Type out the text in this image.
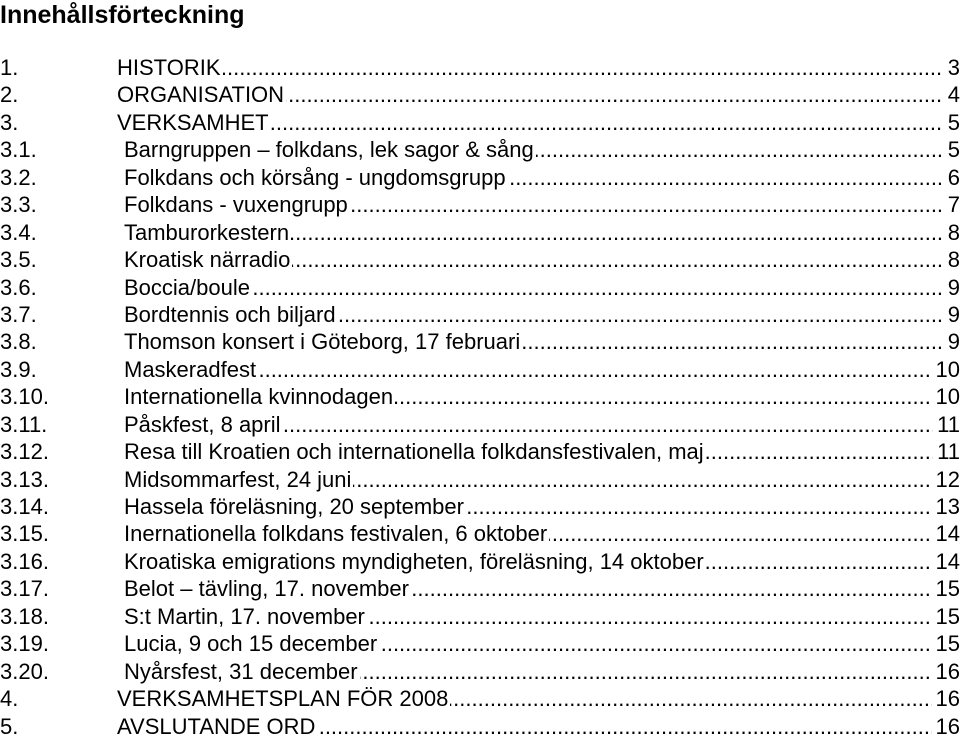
Innehållsförteckning
1.	HISTORIK	3
.....
2.	ORGANISATION	4
.....
3.	VERKSAMHET	5
.....
3.1.	Barngruppen – folkdans, lek sagor & sång	5
.....
3.2.	Folkdans och körsång - ungdomsgrupp	6
.....
3.3.	Folkdans - vuxengrupp	7
.....
3.4.	Tamburorkestern	8
.....
3.5.	Kroatisk närradio	8
.....
3.6.	Boccia/boule	9
.....
3.7.	Bordtennis och biljard	9
.....
3.8.	Thomson konsert i Göteborg, 17 februari	9
.....
3.9.	Maskeradfest	10
.....
3.10.	Internationella kvinnodagen	10
.....
3.11.	Påskfest, 8 april	11
.....
3.12.	Resa till Kroatien och internationella folkdansfestivalen, maj	11
.....
3.13.	Midsommarfest, 24 juni	12
.....
3.14.	Hassela föreläsning, 20 september	13
.....
3.15.	Inernationella folkdans festivalen, 6 oktober	14
.....
3.16.	Kroatiska emigrations myndigheten, föreläsning, 14 oktober	14
.....
3.17.	Belot – tävling, 17. november	15
.....
3.18.	S:t Martin, 17. november	15
.....
3.19.	Lucia, 9 och 15 december	15
.....
3.20.	Nyårsfest, 31 december	16
.....
4.	VERKSAMHETSPLAN FÖR 2008	16
.....
5.	AVSLUTANDE ORD	16
.....
